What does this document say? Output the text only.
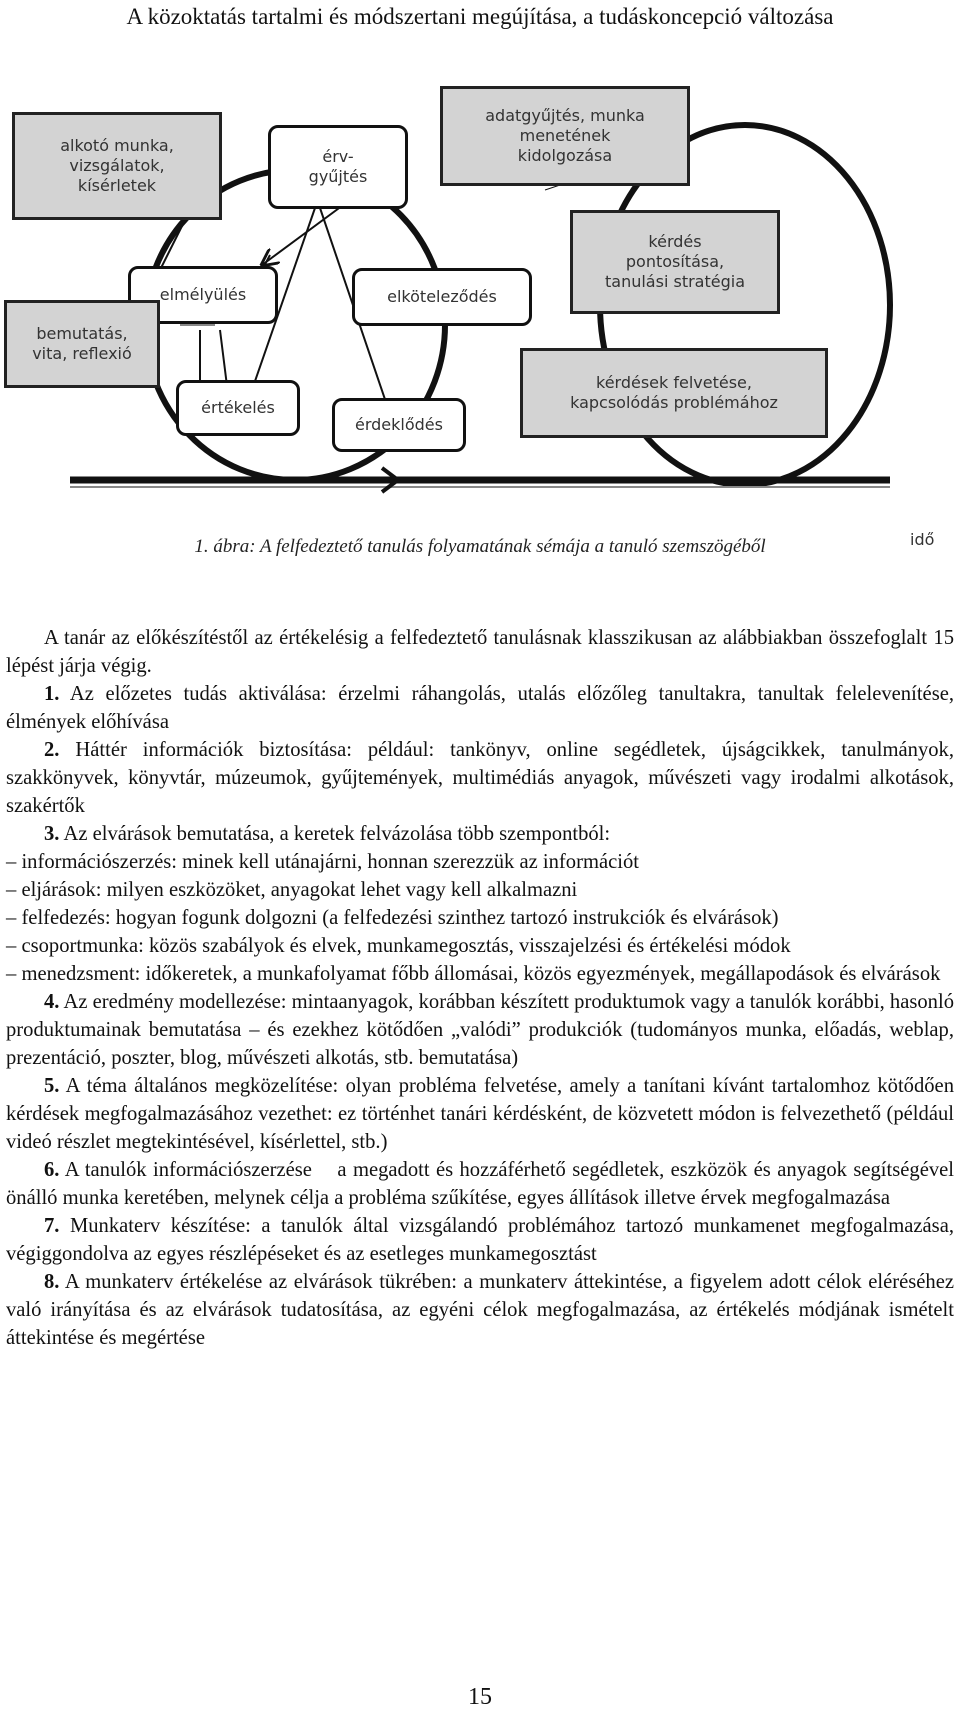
A közoktatás tartalmi és módszertani megújítása, a tudáskoncepció változása
alkotó munka,
vizsgálatok,
kísérletek
érv-
gyűjtés
adatgyűjtés, munka
menetének
kidolgozása
kérdés
pontosítása,
tanulási stratégia
elmélyülés	elköteleződés
bemutatás,
vita, reflexió
kérdések felvetése,
kapcsolódás problémához
értékelés
érdeklődés
idő
1. ábra: A felfedeztető tanulás folyamatának sémája a tanuló szemszögéből

A tanár az előkészítéstől az értékelésig a felfedeztető tanulásnak klasszikusan az alábbiakban összefoglalt 15 lépést járja végig.

1. Az előzetes tudás aktiválása: érzelmi ráhangolás, utalás előzőleg tanultakra, tanultak felelevenítése, élmények előhívása

2. Háttér információk biztosítása: például: tankönyv, online segédletek, újságcikkek, tanulmányok, szakkönyvek, könyvtár, múzeumok, gyűjtemények, multimédiás anyagok, művészeti vagy irodalmi alkotások, szakértők

3. Az elvárások bemutatása, a keretek felvázolása több szempontból:

– információszerzés: minek kell utánajárni, honnan szerezzük az információt

– eljárások: milyen eszközöket, anyagokat lehet vagy kell alkalmazni

– felfedezés: hogyan fogunk dolgozni (a felfedezési szinthez tartozó instrukciók és elvárások)

– csoportmunka: közös szabályok és elvek, munkamegosztás, visszajelzési és értékelési módok

– menedzsment: időkeretek, a munkafolyamat főbb állomásai, közös egyezmények, megállapodások és elvárások

4. Az eredmény modellezése: mintaanyagok, korábban készített produktumok vagy a tanulók korábbi, hasonló produktumainak bemutatása – és ezekhez kötődően „valódi” produkciók (tudományos munka, előadás, weblap, prezentáció, poszter, blog, művészeti alkotás, stb. bemutatása)

5. A téma általános megközelítése: olyan probléma felvetése, amely a tanítani kívánt tartalomhoz kötődően kérdések megfogalmazásához vezethet: ez történhet tanári kérdésként, de közvetett módon is felvezethető (például videó részlet megtekintésével, kísérlettel, stb.)

6. A tanulók információszerzése    a megadott és hozzáférhető segédletek, eszközök és anyagok segítségével önálló munka keretében, melynek célja a probléma szűkítése, egyes állítások illetve érvek megfogalmazása

7. Munkaterv készítése: a tanulók által vizsgálandó problémához tartozó munkamenet megfogalmazása, végiggondolva az egyes részlépéseket és az esetleges munkamegosztást

8. A munkaterv értékelése az elvárások tükrében: a munkaterv áttekintése, a figyelem adott célok eléréséhez való irányítása és az elvárások tudatosítása, az egyéni célok megfogalmazása, az értékelés módjának ismételt áttekintése és megértése

15
